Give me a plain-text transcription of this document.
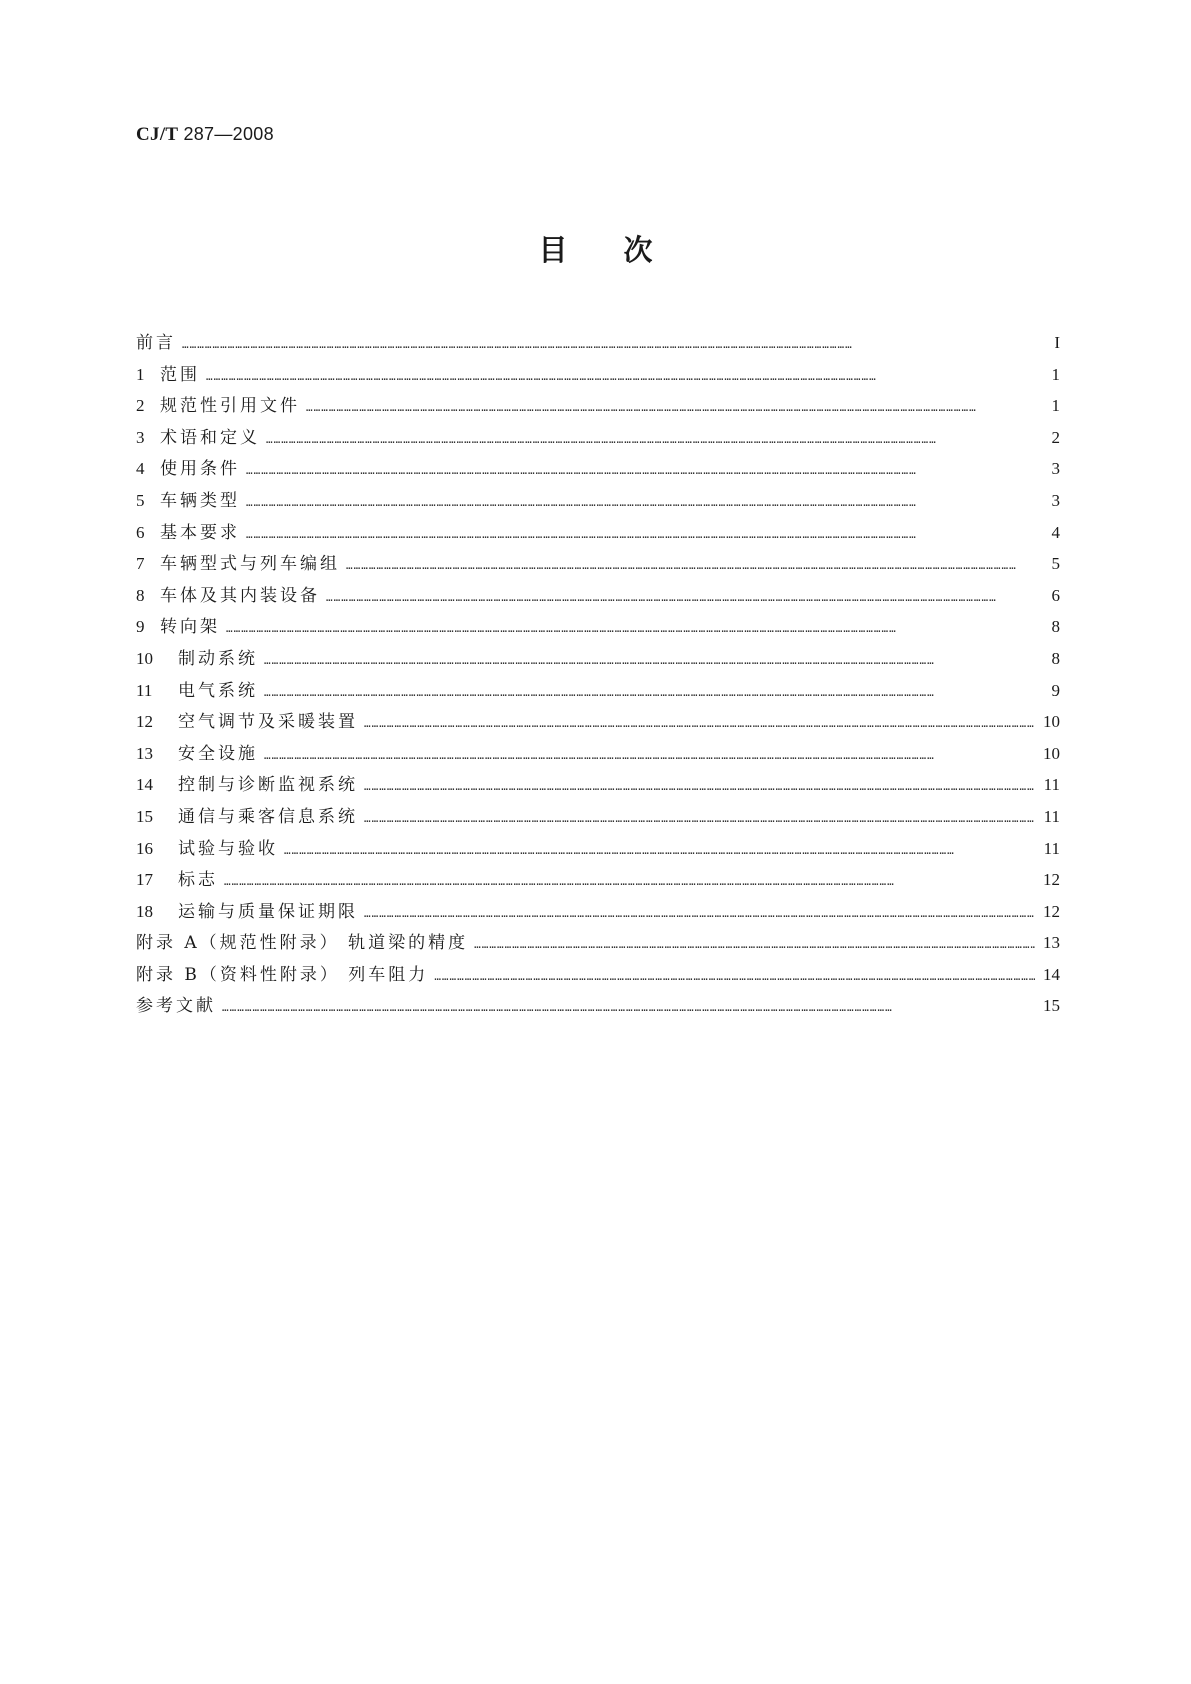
CJ/T 287—2008
目次
前言 …………………………………………………………………………………………………………………………………………………………………………………………………………………………………………	I
1 范围 …………………………………………………………………………………………………………………………………………………………………………………………………………………………………………	1
2 规范性引用文件 …………………………………………………………………………………………………………………………………………………………………………………………………………………………………………	1
3 术语和定义 …………………………………………………………………………………………………………………………………………………………………………………………………………………………………………	2
4 使用条件 …………………………………………………………………………………………………………………………………………………………………………………………………………………………………………	3
5 车辆类型 …………………………………………………………………………………………………………………………………………………………………………………………………………………………………………	3
6 基本要求 …………………………………………………………………………………………………………………………………………………………………………………………………………………………………………	4
7 车辆型式与列车编组 …………………………………………………………………………………………………………………………………………………………………………………………………………………………………………	5
8 车体及其内装设备 …………………………………………………………………………………………………………………………………………………………………………………………………………………………………………	6
9 转向架 …………………………………………………………………………………………………………………………………………………………………………………………………………………………………………	8
10	制动系统 …………………………………………………………………………………………………………………………………………………………………………………………………………………………………………	8
11	电气系统 …………………………………………………………………………………………………………………………………………………………………………………………………………………………………………	9
12	空气调节及采暖装置 …………………………………………………………………………………………………………………………………………………………………………………………………………………………………………	10
13	安全设施 …………………………………………………………………………………………………………………………………………………………………………………………………………………………………………	10
14	控制与诊断监视系统 …………………………………………………………………………………………………………………………………………………………………………………………………………………………………………	11
15	通信与乘客信息系统 …………………………………………………………………………………………………………………………………………………………………………………………………………………………………………	11
16	试验与验收 …………………………………………………………………………………………………………………………………………………………………………………………………………………………………………	11
17	标志 …………………………………………………………………………………………………………………………………………………………………………………………………………………………………………	12
18	运输与质量保证期限 …………………………………………………………………………………………………………………………………………………………………………………………………………………………………………	12
附录 A（规范性附录） 轨道梁的精度 …………………………………………………………………………………………………………………………………………………………………………………………………………………………………………	13
附录 B（资料性附录） 列车阻力 …………………………………………………………………………………………………………………………………………………………………………………………………………………………………………	14
参考文献 …………………………………………………………………………………………………………………………………………………………………………………………………………………………………………	15
